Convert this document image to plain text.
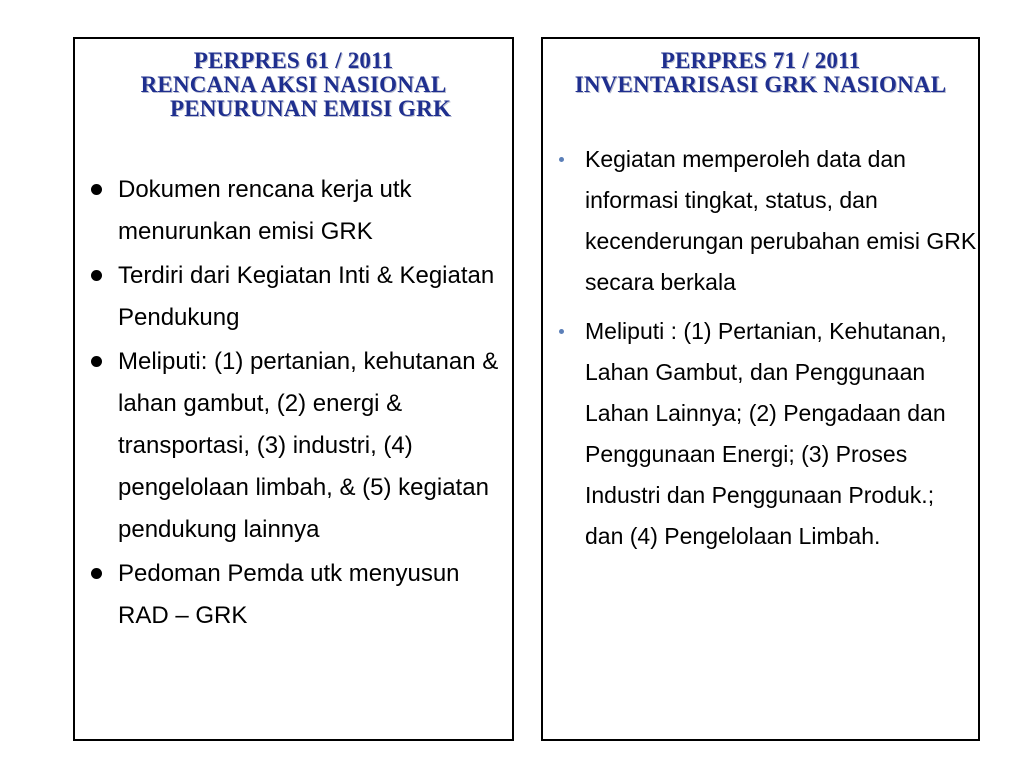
PERPRES 61 / 2011
RENCANA AKSI NASIONAL
PENURUNAN EMISI GRK
Dokumen rencana kerja utk menurunkan emisi GRK
Terdiri dari Kegiatan Inti & Kegiatan Pendukung
Meliputi: (1) pertanian, kehutanan & lahan gambut, (2) energi & transportasi, (3) industri, (4) pengelolaan limbah, & (5) kegiatan pendukung lainnya
Pedoman Pemda utk menyusun RAD – GRK
PERPRES 71 / 2011
INVENTARISASI GRK NASIONAL
Kegiatan memperoleh data dan informasi tingkat, status, dan kecenderungan perubahan emisi GRK secara berkala
Meliputi : (1) Pertanian, Kehutanan, Lahan Gambut, dan Penggunaan Lahan Lainnya; (2) Pengadaan dan Penggunaan Energi; (3) Proses Industri dan Penggunaan Produk.; dan (4) Pengelolaan Limbah.
